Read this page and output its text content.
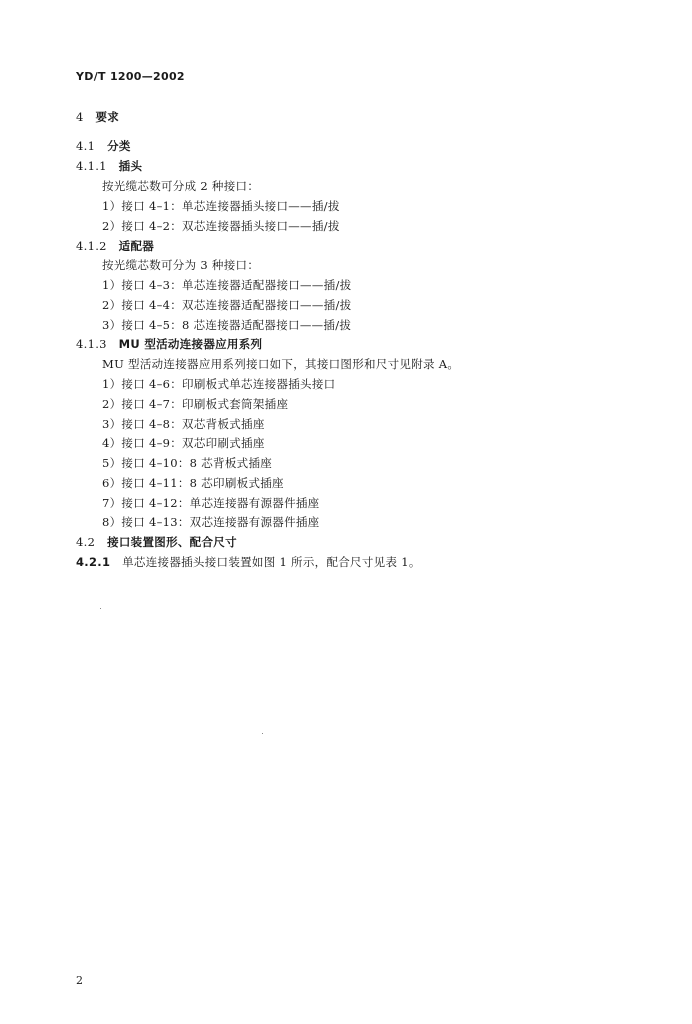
YD/T 1200—2002
4 要求
4.1 分类
4.1.1 插头
按光缆芯数可分成 2 种接口：
1）接口 4–1：单芯连接器插头接口——插/拔
2）接口 4–2：双芯连接器插头接口——插/拔
4.1.2 适配器
按光缆芯数可分为 3 种接口：
1）接口 4–3：单芯连接器适配器接口——插/拔
2）接口 4–4：双芯连接器适配器接口——插/拔
3）接口 4–5：8 芯连接器适配器接口——插/拔
4.1.3 MU 型活动连接器应用系列
MU 型活动连接器应用系列接口如下，其接口图形和尺寸见附录 A。
1）接口 4–6：印刷板式单芯连接器插头接口
2）接口 4–7：印刷板式套筒架插座
3）接口 4–8：双芯背板式插座
4）接口 4–9：双芯印刷式插座
5）接口 4–10：8 芯背板式插座
6）接口 4–11：8 芯印刷板式插座
7）接口 4–12：单芯连接器有源器件插座
8）接口 4–13：双芯连接器有源器件插座
4.2 接口装置图形、配合尺寸
4.2.1 单芯连接器插头接口装置如图 1 所示，配合尺寸见表 1。
2
